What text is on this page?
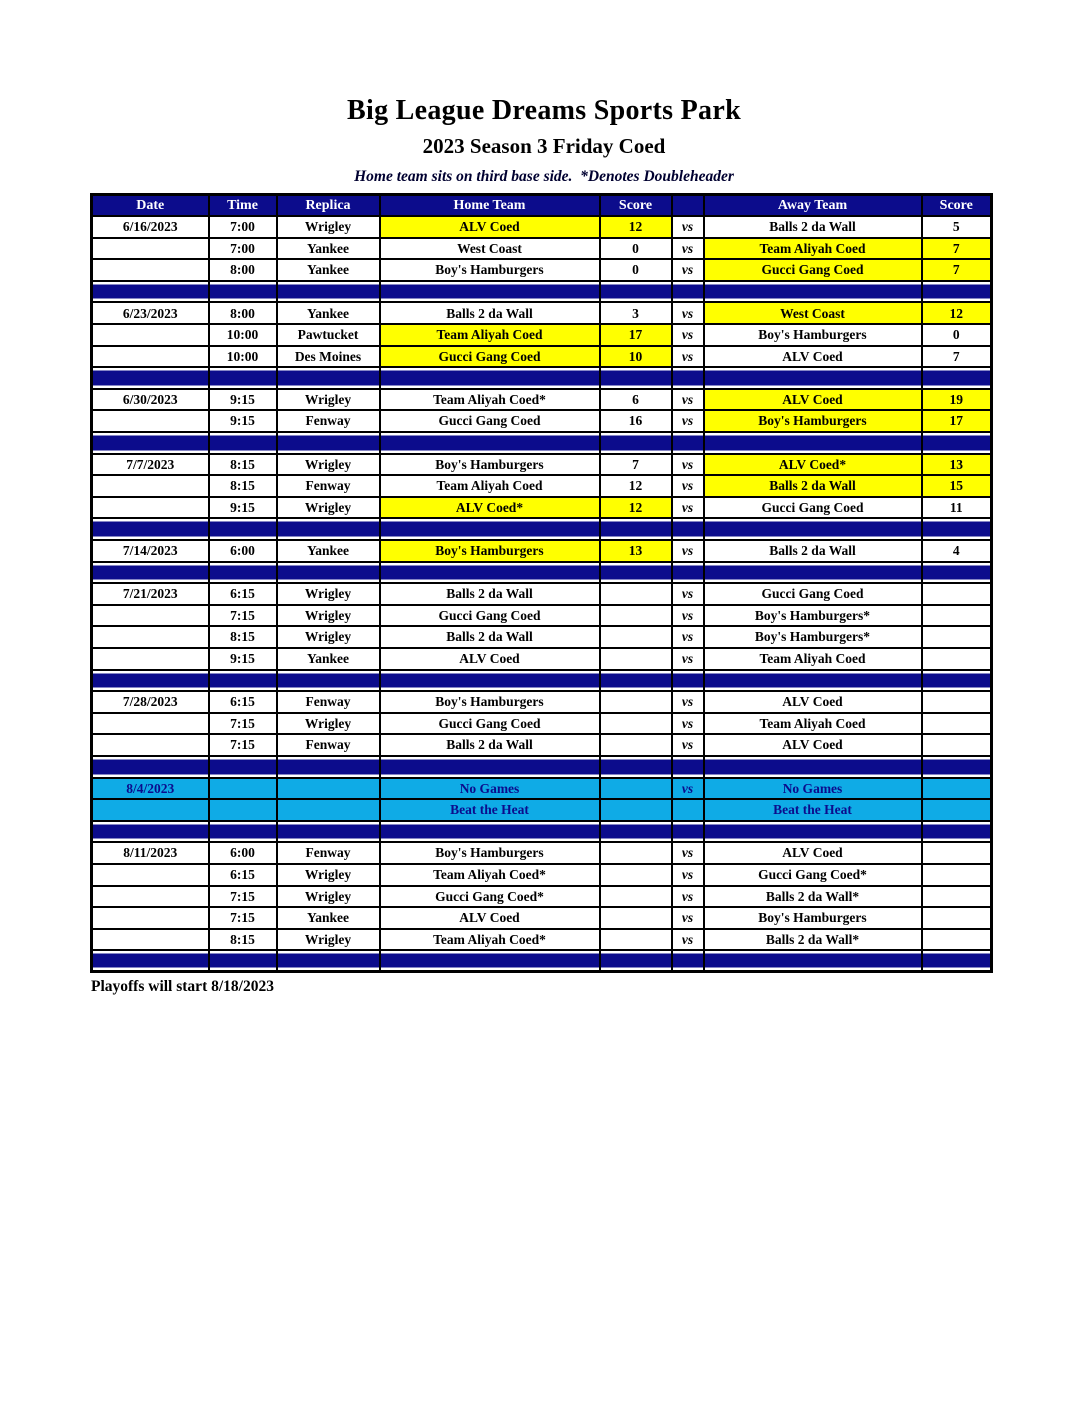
Big League Dreams Sports Park
2023 Season 3 Friday Coed
Home team sits on third base side.  *Denotes Doubleheader
Date	Time	Replica	Home Team	Score		Away Team	Score
6/16/2023	7:00	Wrigley	ALV Coed	12	vs	Balls 2 da Wall	5
	7:00	Yankee	West Coast	0	vs	Team Aliyah Coed	7
	8:00	Yankee	Boy's Hamburgers	0	vs	Gucci Gang Coed	7

6/23/2023	8:00	Yankee	Balls 2 da Wall	3	vs	West Coast	12
	10:00	Pawtucket	Team Aliyah Coed	17	vs	Boy's Hamburgers	0
	10:00	Des Moines	Gucci Gang Coed	10	vs	ALV Coed	7

6/30/2023	9:15	Wrigley	Team Aliyah Coed*	6	vs	ALV Coed	19
	9:15	Fenway	Gucci Gang Coed	16	vs	Boy's Hamburgers	17

7/7/2023	8:15	Wrigley	Boy's Hamburgers	7	vs	ALV Coed*	13
	8:15	Fenway	Team Aliyah Coed	12	vs	Balls 2 da Wall	15
	9:15	Wrigley	ALV Coed*	12	vs	Gucci Gang Coed	11

7/14/2023	6:00	Yankee	Boy's Hamburgers	13	vs	Balls 2 da Wall	4

7/21/2023	6:15	Wrigley	Balls 2 da Wall		vs	Gucci Gang Coed	
	7:15	Wrigley	Gucci Gang Coed		vs	Boy's Hamburgers*	
	8:15	Wrigley	Balls 2 da Wall		vs	Boy's Hamburgers*	
	9:15	Yankee	ALV Coed		vs	Team Aliyah Coed	

7/28/2023	6:15	Fenway	Boy's Hamburgers		vs	ALV Coed	
	7:15	Wrigley	Gucci Gang Coed		vs	Team Aliyah Coed	
	7:15	Fenway	Balls 2 da Wall		vs	ALV Coed	

8/4/2023			No Games		vs	No Games	
			Beat the Heat			Beat the Heat	

8/11/2023	6:00	Fenway	Boy's Hamburgers		vs	ALV Coed	
	6:15	Wrigley	Team Aliyah Coed*		vs	Gucci Gang Coed*	
	7:15	Wrigley	Gucci Gang Coed*		vs	Balls 2 da Wall*	
	7:15	Yankee	ALV Coed		vs	Boy's Hamburgers	
	8:15	Wrigley	Team Aliyah Coed*		vs	Balls 2 da Wall*	

Playoffs will start 8/18/2023
